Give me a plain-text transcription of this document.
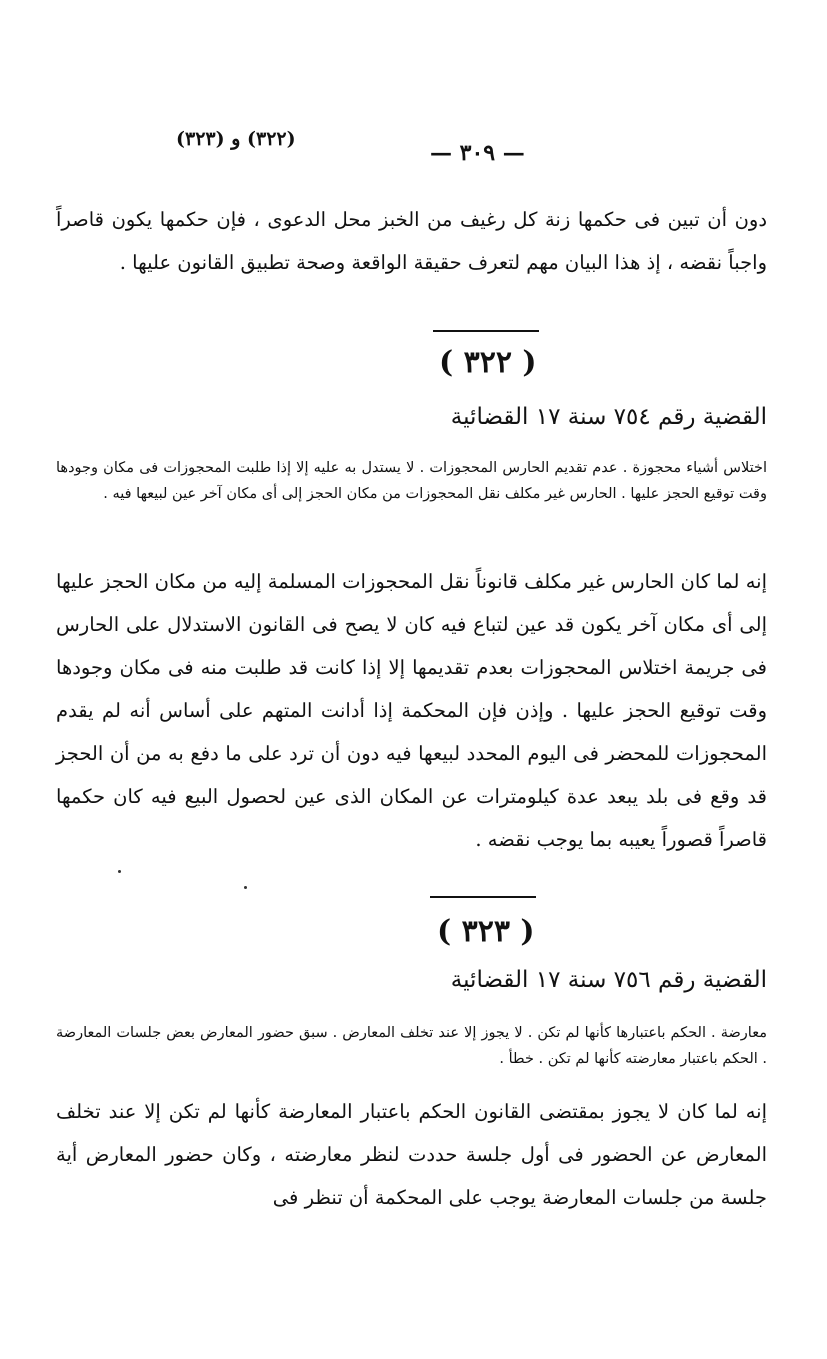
(٣٢٢) و (٣٢٣)
— ٣٠٩ —
دون أن تبين فى حكمها زنة كل رغيف من الخبز محل الدعوى ، فإن حكمها يكون قاصراً واجباً نقضه ، إذ هذا البيان مهم لتعرف حقيقة الواقعة وصحة تطبيق القانون عليها .
( ٣٢٢ )
القضية رقم ٧٥٤ سنة ١٧ القضائية
اختلاس أشياء محجوزة . عدم تقديم الحارس المحجوزات . لا يستدل به عليه إلا إذا طلبت المحجوزات فى مكان وجودها وقت توقيع الحجز عليها . الحارس غير مكلف نقل المحجوزات من مكان الحجز إلى أى مكان آخر عين لبيعها فيه .
إنه لما كان الحارس غير مكلف قانوناً نقل المحجوزات المسلمة إليه من مكان الحجز عليها إلى أى مكان آخر يكون قد عين لتباع فيه كان لا يصح فى القانون الاستدلال على الحارس فى جريمة اختلاس المحجوزات بعدم تقديمها إلا إذا كانت قد طلبت منه فى مكان وجودها وقت توقيع الحجز عليها . وإذن فإن المحكمة إذا أدانت المتهم على أساس أنه لم يقدم المحجوزات للمحضر فى اليوم المحدد لبيعها فيه دون أن ترد على ما دفع به من أن الحجز قد وقع فى بلد يبعد عدة كيلومترات عن المكان الذى عين لحصول البيع فيه كان حكمها قاصراً قصوراً يعيبه بما يوجب نقضه .
( ٣٢٣ )
القضية رقم ٧٥٦ سنة ١٧ القضائية
معارضة . الحكم باعتبارها كأنها لم تكن . لا يجوز إلا عند تخلف المعارض . سبق حضور المعارض بعض جلسات المعارضة . الحكم باعتبار معارضته كأنها لم تكن . خطأ .
إنه لما كان لا يجوز بمقتضى القانون الحكم باعتبار المعارضة كأنها لم تكن إلا عند تخلف المعارض عن الحضور فى أول جلسة حددت لنظر معارضته ، وكان حضور المعارض أية جلسة من جلسات المعارضة يوجب على المحكمة أن تنظر فى
